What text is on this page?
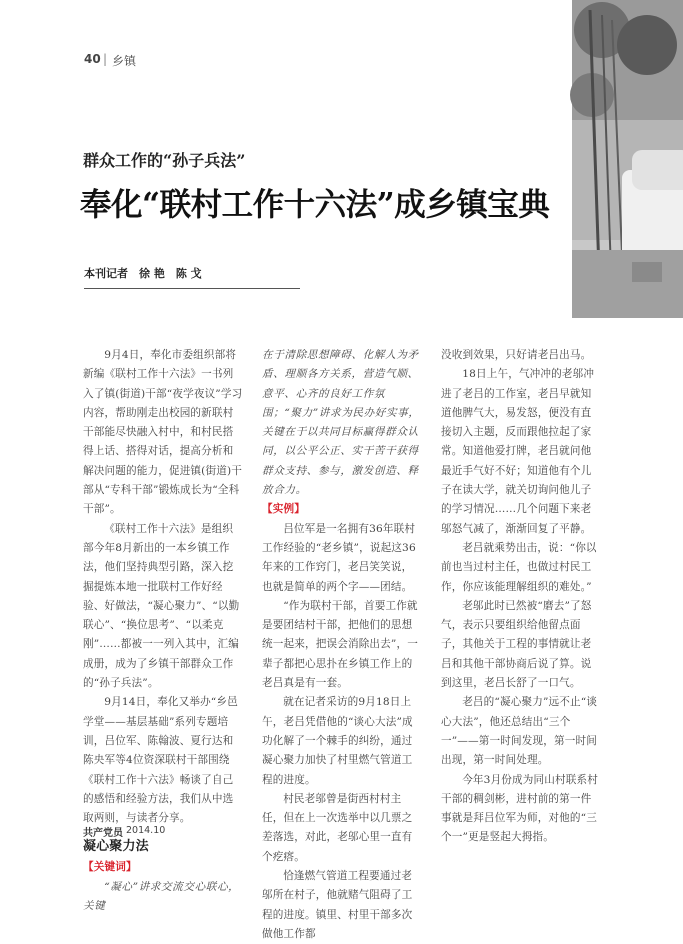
40 | 乡镇
群众工作的“孙子兵法”
奉化“联村工作十六法”成乡镇宝典
本刊记者　徐 艳　陈 戈

9月4日，奉化市委组织部将新编《联村工作十六法》一书列入了镇(街道)干部“夜学夜议”学习内容，帮助刚走出校园的新联村干部能尽快融入村中，和村民搭得上话、搭得对话，提高分析和解决问题的能力，促进镇(街道)干部从“专科干部”锻炼成长为“全科干部”。

《联村工作十六法》是组织部今年8月新出的一本乡镇工作法，他们坚持典型引路，深入挖掘提炼本地一批联村工作好经验、好做法，“凝心聚力”、“以勤联心”、“换位思考”、“以柔克刚”……都被一一列入其中，汇编成册，成为了乡镇干部群众工作的“孙子兵法”。

9月14日，奉化又举办“乡邑学堂——基层基础”系列专题培训，吕位军、陈翰波、夏行达和陈央军等4位资深联村干部围绕《联村工作十六法》畅谈了自己的感悟和经验方法，我们从中选取两则，与读者分享。

凝心聚力法

【关键词】

“凝心”讲求交流交心联心，关键

在于清除思想障碍、化解人为矛盾、理顺各方关系，营造气顺、意平、心齐的良好工作氛围；“聚力”讲求为民办好实事，关键在于以共同目标赢得群众认同，以公平公正、实干苦干获得群众支持、参与，激发创造、释放合力。

【实例】

吕位军是一名拥有36年联村工作经验的“老乡镇”，说起这36年来的工作窍门，老吕笑笑说，也就是简单的两个字——团结。

“作为联村干部，首要工作就是要团结村干部，把他们的思想统一起来，把误会消除出去”，一辈子都把心思扑在乡镇工作上的老吕真是有一套。

就在记者采访的9月18日上午，老吕凭借他的“谈心大法”成功化解了一个棘手的纠纷，通过凝心聚力加快了村里燃气管道工程的进度。

村民老邬曾是街西村村主任，但在上一次选举中以几票之差落选，对此，老邬心里一直有个疙瘩。

恰逢燃气管道工程要通过老邬所在村子，他就赌气阻碍了工程的进度。镇里、村里干部多次做他工作都

没收到效果，只好请老吕出马。

18日上午，气冲冲的老邬冲进了老吕的工作室，老吕早就知道他脾气大，易发怒，便没有直接切入主题，反而跟他拉起了家常。知道他爱打牌，老吕就问他最近手气好不好；知道他有个儿子在读大学，就关切询问他儿子的学习情况……几个问题下来老邬怒气减了，渐渐回复了平静。

老吕就乘势出击，说：“你以前也当过村主任，也做过村民工作，你应该能理解组织的难处。”

老邬此时已然被“磨去”了怒气，表示只要组织给他留点面子，其他关于工程的事情就让老吕和其他干部协商后说了算。说到这里，老吕长舒了一口气。

老吕的“凝心聚力”远不止“谈心大法”，他还总结出“三个一”——第一时间发现，第一时间出现，第一时间处理。

今年3月份成为同山村联系村干部的稠剑彬，进村前的第一件事就是拜吕位军为师，对他的“三个一”更是竖起大拇指。

共产党员 2014.10
